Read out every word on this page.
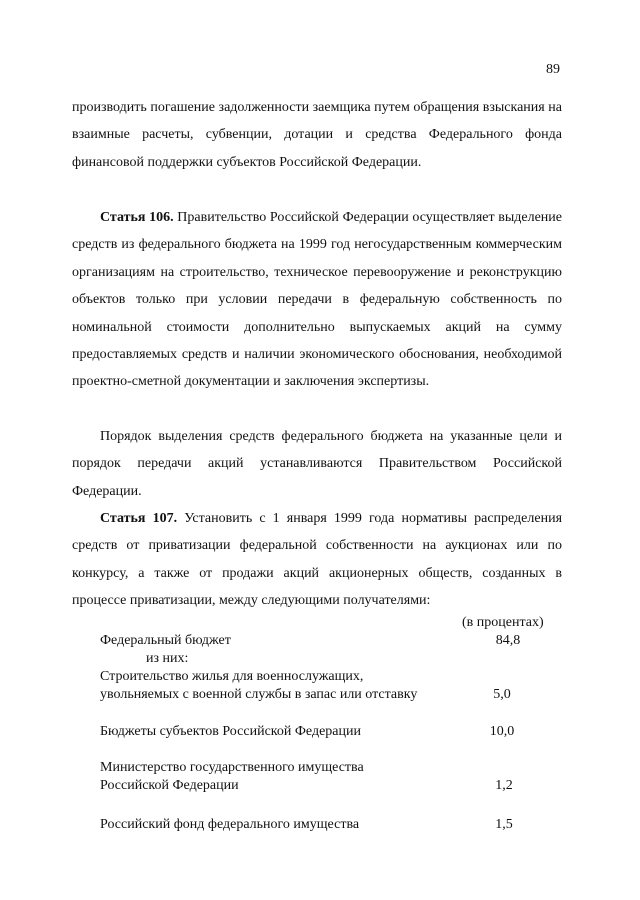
89

производить погашение задолженности заемщика путем обращения взыскания на взаимные расчеты, субвенции, дотации и средства Федерального фонда финансовой поддержки субъектов Российской Федерации.

Статья 106. Правительство Российской Федерации осуществляет выделение средств из федерального бюджета на 1999 год негосударственным коммерческим организациям на строительство, техническое перевооружение и реконструкцию объектов только при условии передачи в федеральную собственность по номинальной стоимости дополнительно выпускаемых акций на сумму предоставляемых средств и наличии экономического обоснования, необходимой проектно-сметной документации и заключения экспертизы.

Порядок выделения средств федерального бюджета на указанные цели и порядок передачи акций устанавливаются Правительством Российской Федерации.

Статья 107. Установить с 1 января 1999 года нормативы распределения средств от приватизации федеральной собственности на аукционах или по конкурсу, а также от продажи акций акционерных обществ, созданных в процессе приватизации, между следующими получателями:

(в процентах)
Федеральный бюджет	84,8
из них:
Строительство жилья для военнослужащих,
увольняемых с военной службы в запас или отставку	5,0
Бюджеты субъектов Российской Федерации	10,0
Министерство государственного имущества
Российской Федерации	1,2
Российский фонд федерального имущества	1,5
